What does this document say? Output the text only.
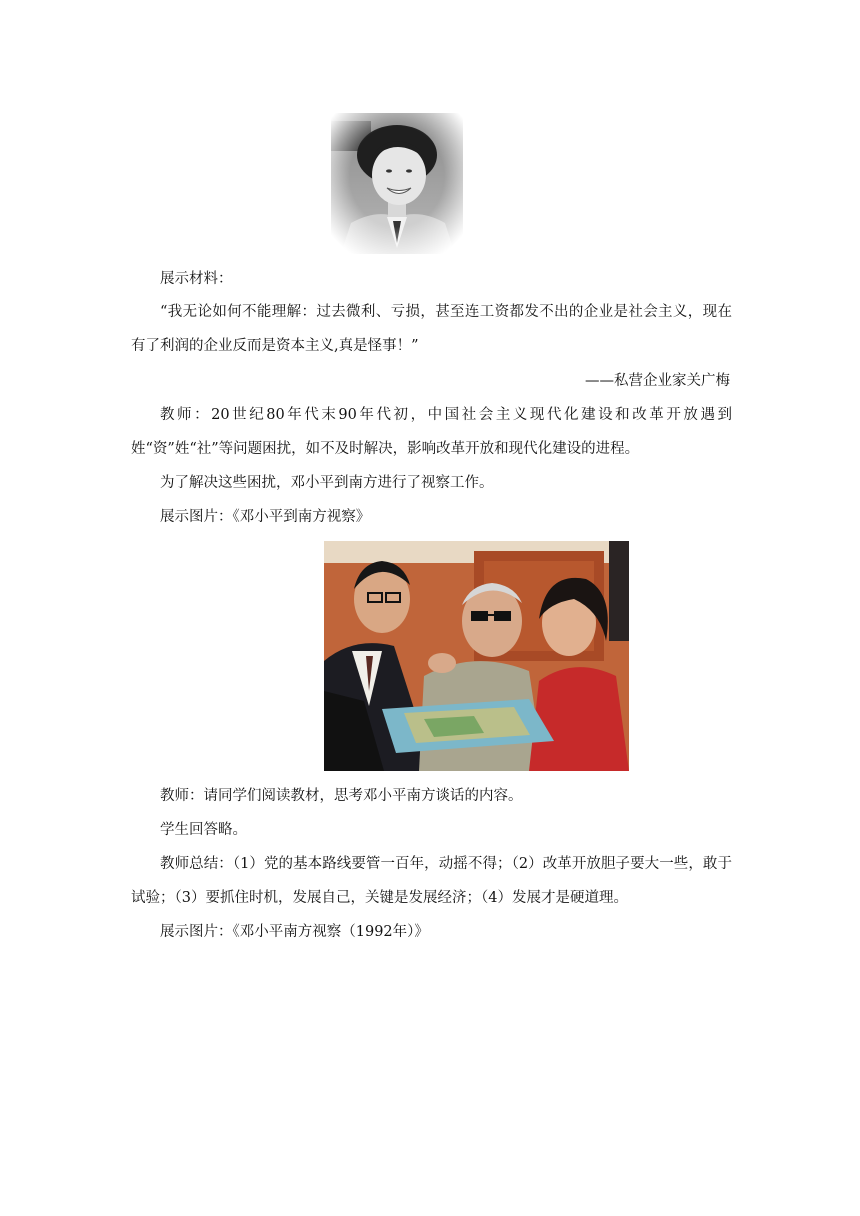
展示材料：

“我无论如何不能理解：过去微利、亏损，甚至连工资都发不出的企业是社会主义，现在有了利润的企业反而是资本主义,真是怪事！”

——私营企业家关广梅

教师：20世纪80年代末90年代初，中国社会主义现代化建设和改革开放遇到姓“资”姓“社”等问题困扰，如不及时解决，影响改革开放和现代化建设的进程。

为了解决这些困扰，邓小平到南方进行了视察工作。

展示图片：《邓小平到南方视察》

教师：请同学们阅读教材，思考邓小平南方谈话的内容。

学生回答略。

教师总结：（1）党的基本路线要管一百年，动摇不得；（2）改革开放胆子要大一些，敢于试验；（3）要抓住时机，发展自己，关键是发展经济；（4）发展才是硬道理。

展示图片：《邓小平南方视察（1992年）》
